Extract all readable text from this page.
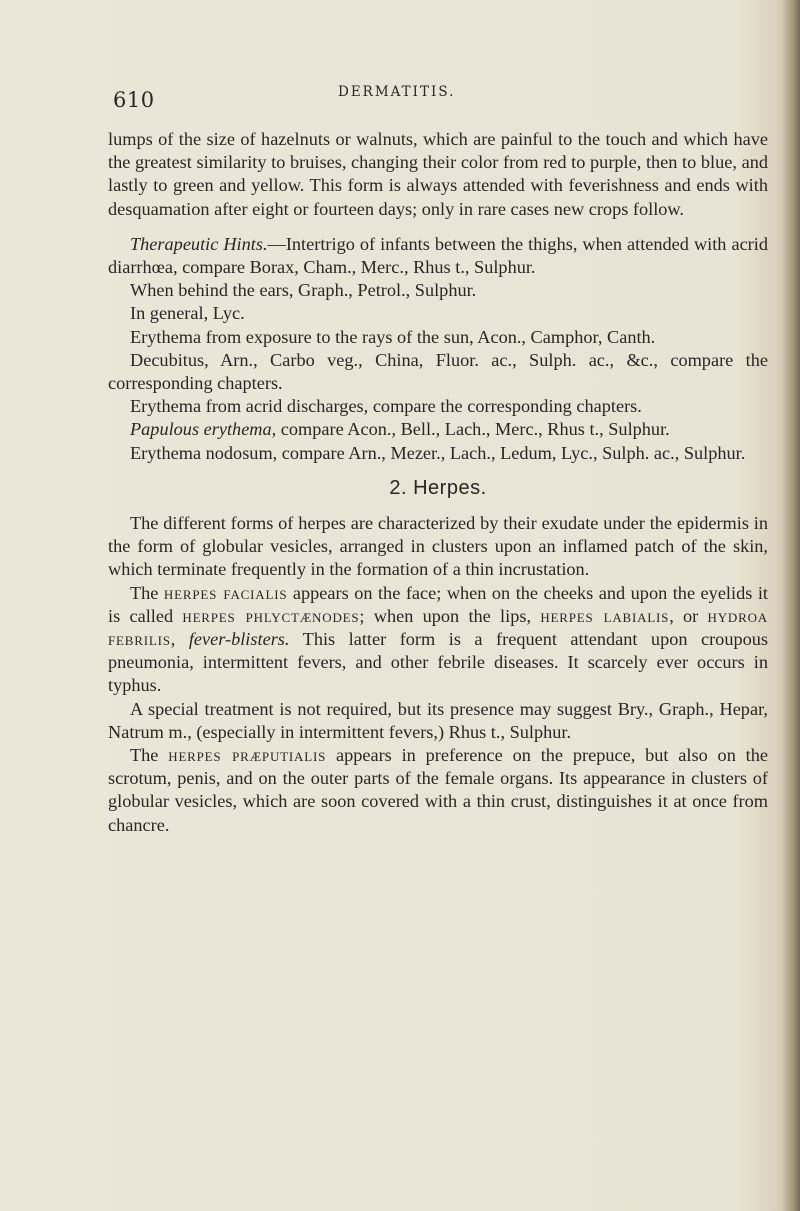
610	DERMATITIS.

lumps of the size of hazelnuts or walnuts, which are painful to the touch and which have the greatest similarity to bruises, changing their color from red to purple, then to blue, and lastly to green and yellow. This form is always attended with feverishness and ends with desquamation after eight or fourteen days; only in rare cases new crops follow.

Therapeutic Hints.—Intertrigo of infants between the thighs, when attended with acrid diarrhœa, compare Borax, Cham., Merc., Rhus t., Sulphur.

When behind the ears, Graph., Petrol., Sulphur.

In general, Lyc.

Erythema from exposure to the rays of the sun, Acon., Camphor, Canth.

Decubitus, Arn., Carbo veg., China, Fluor. ac., Sulph. ac., &c., compare the corresponding chapters.

Erythema from acrid discharges, compare the corresponding chapters.

Papulous erythema, compare Acon., Bell., Lach., Merc., Rhus t., Sulphur.

Erythema nodosum, compare Arn., Mezer., Lach., Ledum, Lyc., Sulph. ac., Sulphur.

2. Herpes.

The different forms of herpes are characterized by their exudate under the epidermis in the form of globular vesicles, arranged in clusters upon an inflamed patch of the skin, which terminate frequently in the formation of a thin incrustation.

The herpes facialis appears on the face; when on the cheeks and upon the eyelids it is called herpes phlyctænodes; when upon the lips, herpes labialis, or hydroa febrilis, fever-blisters. This latter form is a frequent attendant upon croupous pneumonia, intermittent fevers, and other febrile diseases. It scarcely ever occurs in typhus.

A special treatment is not required, but its presence may suggest Bry., Graph., Hepar, Natrum m., (especially in intermittent fevers,) Rhus t., Sulphur.

The herpes præputialis appears in preference on the prepuce, but also on the scrotum, penis, and on the outer parts of the female organs. Its appearance in clusters of globular vesicles, which are soon covered with a thin crust, distinguishes it at once from chancre.
